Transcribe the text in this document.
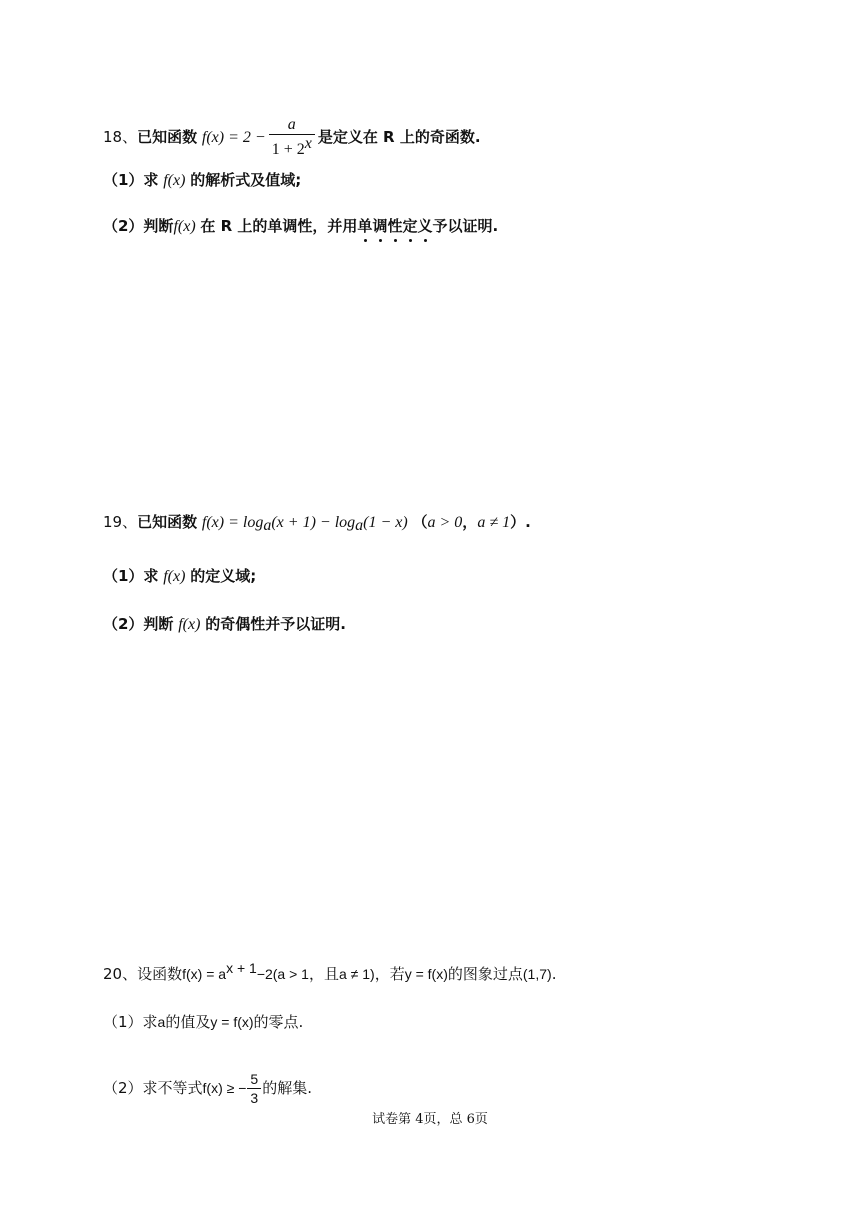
18、已知函数 $f(x) = 2 - \frac{a}{1 + 2^x}$ 是定义在 R 上的奇函数.
（1）求 f(x) 的解析式及值域;
（2）判断f(x) 在 R 上的单调性，并用单调性定义予以证明.
19、已知函数 $f(x) = \log_a(x + 1) - \log_a(1 - x) (a > 0$，a ≠ 1）.
（1）求 f(x) 的定义域;
（2）判断 f(x) 的奇偶性并予以证明.
20、设函数$f(x) = a^{x + 1}-2(a > 1$，且a ≠ 1)，若y = f(x)的图象过点(1,7).
（1）求a的值及y = f(x)的零点.
（2）求不等式f(x) ≥ − $\frac{5}{3}$ 的解集.
试卷第 4页，总 6页
